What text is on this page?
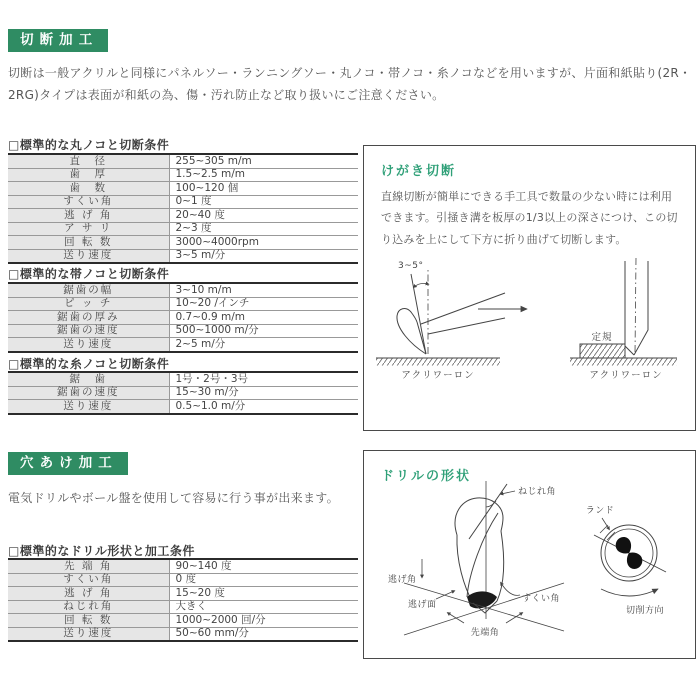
切断加工
切断は一般アクリルと同様にパネルソー・ランニングソー・丸ノコ・帯ノコ・糸ノコなどを用いますが、片面和紙貼り(2R・2RG)タイプは表面が和紙の為、傷・汚れ防止など取り扱いにご注意ください。
□標準的な丸ノコと切断条件
直　径	255~305 m/m
歯　厚	1.5~2.5 m/m
歯　数	100~120 個
すくい角	0~1 度
逃 げ 角	20~40 度
ア サ リ	2~3 度
回 転 数	3000~4000rpm
送り速度	3~5 m/分
□標準的な帯ノコと切断条件
鋸歯の幅	3~10 m/m
ピ ッ チ	10~20 /インチ
鋸歯の厚み	0.7~0.9 m/m
鋸歯の速度	500~1000 m/分
送り速度	2~5 m/分
□標準的な糸ノコと切断条件
鋸　歯	1号・2号・3号
鋸歯の速度	15~30 m/分
送り速度	0.5~1.0 m/分
穴あけ加工
電気ドリルやボール盤を使用して容易に行う事が出来ます。
□標準的なドリル形状と加工条件
先 端 角	90~140 度
すくい角	0 度
逃 げ 角	15~20 度
ねじれ角	大きく
回 転 数	1000~2000 回/分
送り速度	50~60 mm/分
けがき切断
直線切断が簡単にできる手工具で数量の少ない時には利用できます。引掻き溝を板厚の1/3以上の深さにつけ、この切り込みを上にして下方に折り曲げて切断します。
3~5°
アクリワーロン
定規
アクリワーロン
ドリルの形状
ねじれ角
逃げ角
逃げ面
先端角
すくい角
ランド
切削方向
